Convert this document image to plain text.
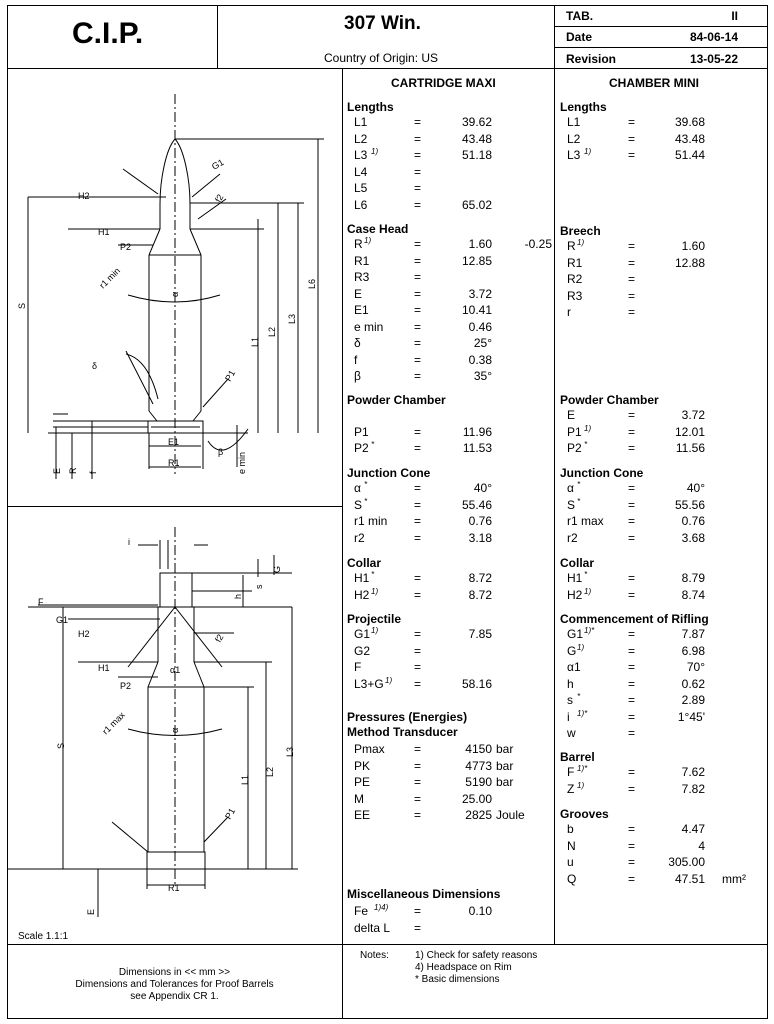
C.I.P.	307 Win.
Country of Origin: US
TAB.	II
Date	84-06-14
Revision	13-05-22
CARTRIDGE MAXI	CHAMBER MINI
Lengths
L1	=	39.62
L2	=	43.48
L3 1)	=	51.18
L4	=
L5	=
L6	=	65.02
Case Head
R 1)	=	1.60	-0.25
R1	=	12.85
R3	=
E	=	3.72
E1	=	10.41
e min	=	0.46
δ	=	25°
f	=	0.38
β	=	35°
Powder Chamber
P1	=	11.96
P2 *	=	11.53
Junction Cone
α *	=	40°
S *	=	55.46
r1 min =	0.76
r2	=	3.18
Collar
H1 *	=	8.72
H2 1)	=	8.72
Projectile
G1 1)	=	7.85
G2	=
F	=
L3+G 1) =	58.16
Pressures (Energies)
Method Transducer
Pmax =	4150 bar
PK	=	4773 bar
PE	=	5190 bar
M	=	25.00
EE	=	2825 Joule
Miscellaneous Dimensions
Fe	=	0.10
1)4)
delta L =
Lengths
L1	=	39.68
L2	=	43.48
L3 1)	=	51.44
Breech
R 1)	=	1.60
R1	=	12.88
R2	=
R3	=
r	=
Powder Chamber
E	=	3.72
P1 1)	=	12.01
P2 *	=	11.56
Junction Cone
α *	=	40°
S *	=	55.56
r1 max =	0.76
r2	=	3.68
Collar
H1 *	=	8.79
H2 1)	=	8.74
Commencement of Rifling
G1 1)*	=	7.87
G 1)	=	6.98
α1	=	70°
h	=	0.62
s *	=	2.89
i 1)*	=	1°45'
w	=
Barrel
F 1)*	=	7.62
Z 1)	=	7.82
Grooves
b	=	4.47
N	=	4
u	=	305.00
Q	=	47.51 mm²
G1
H2	f2
H1
P2
r1 min
α
S
L1
L2
L3
L6
δ
P1
E1
R1
β e min
E R f
i
G
s
h
F
G1
H2	f2
H1	α1
P2
r1 max	α
S
L1
L2
L3
P1
R1
E
Scale 1.1:1
Dimensions in << mm >>
Dimensions and Tolerances for Proof Barrels
see Appendix CR 1.
Notes:	1) Check for safety reasons
4) Headspace on Rim
* Basic dimensions
